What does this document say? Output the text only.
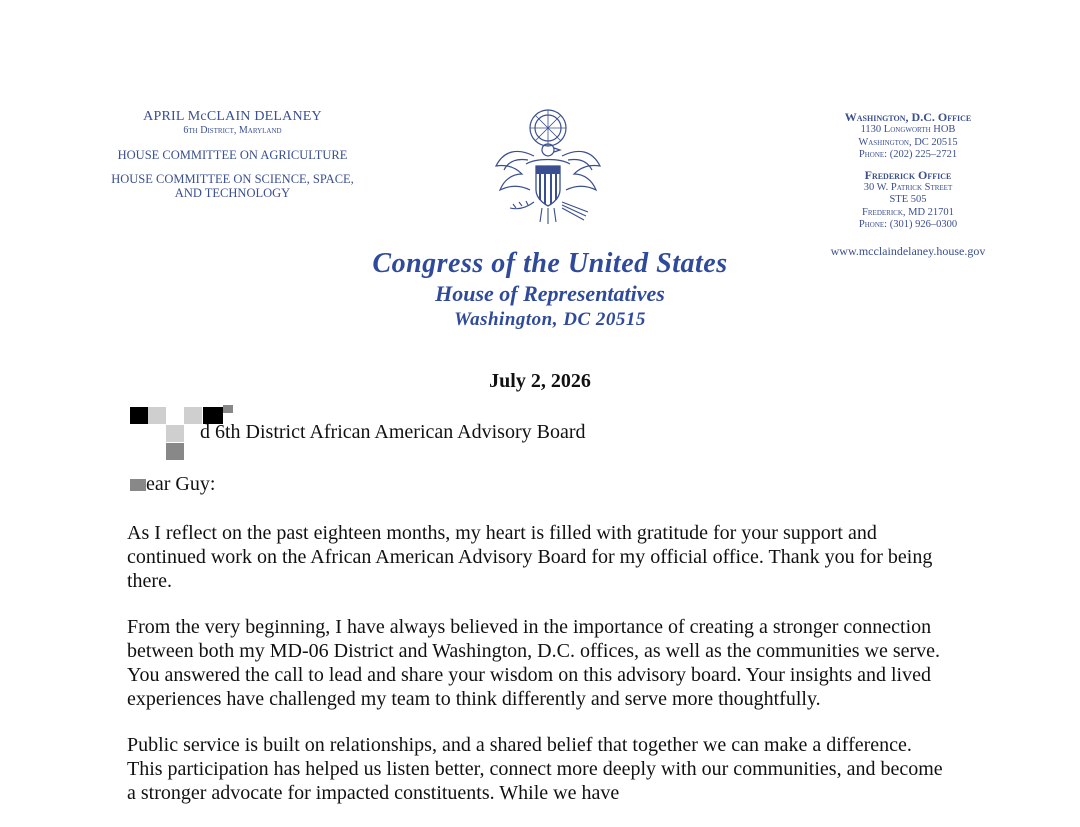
APRIL McCLAIN DELANEY
6th District, Maryland
HOUSE COMMITTEE ON AGRICULTURE
HOUSE COMMITTEE ON SCIENCE, SPACE,
AND TECHNOLOGY
Washington, D.C. Office
1130 Longworth HOB
Washington, DC 20515
Phone: (202) 225–2721
Frederick Office
30 W. Patrick Street
STE 505
Frederick, MD 21701
Phone: (301) 926–0300
www.mcclaindelaney.house.gov
Congress of the United States
House of Representatives
Washington, DC 20515
July 2, 2026
d 6th District African American Advisory Board
ear Guy:

As I reflect on the past eighteen months, my heart is filled with gratitude for your support and continued work on the African American Advisory Board for my official office. Thank you for being there.

From the very beginning, I have always believed in the importance of creating a stronger connection between both my MD-06 District and Washington, D.C. offices, as well as the communities we serve. You answered the call to lead and share your wisdom on this advisory board. Your insights and lived experiences have challenged my team to think differently and serve more thoughtfully.

Public service is built on relationships, and a shared belief that together we can make a difference. This participation has helped us listen better, connect more deeply with our communities, and become a stronger advocate for impacted constituents. While we have
